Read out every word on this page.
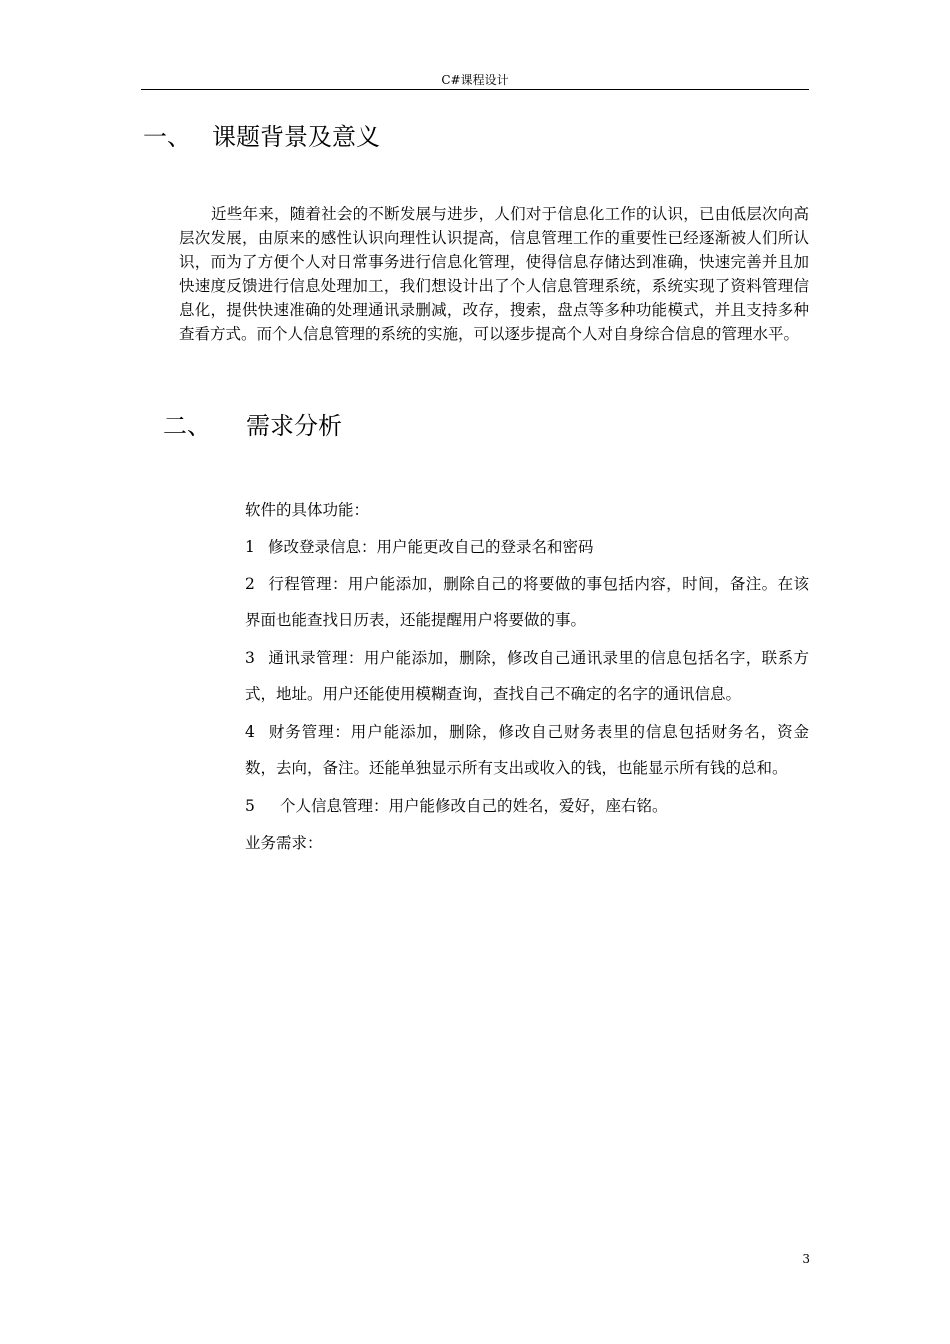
C#课程设计
一、 课题背景及意义

近些年来，随着社会的不断发展与进步，人们对于信息化工作的认识，已由低层次向高层次发展，由原来的感性认识向理性认识提高，信息管理工作的重要性已经逐渐被人们所认识，而为了方便个人对日常事务进行信息化管理，使得信息存储达到准确，快速完善并且加快速度反馈进行信息处理加工，我们想设计出了个人信息管理系统，系统实现了资料管理信息化，提供快速准确的处理通讯录删减，改存，搜索，盘点等多种功能模式，并且支持多种查看方式。而个人信息管理的系统的实施，可以逐步提高个人对自身综合信息的管理水平。

二、 需求分析

软件的具体功能：

1 修改登录信息：用户能更改自己的登录名和密码

2 行程管理：用户能添加，删除自己的将要做的事包括内容，时间，备注。在该界面也能查找日历表，还能提醒用户将要做的事。

3 通讯录管理：用户能添加，删除，修改自己通讯录里的信息包括名字，联系方式，地址。用户还能使用模糊查询，查找自己不确定的名字的通讯信息。

4 财务管理：用户能添加，删除，修改自己财务表里的信息包括财务名，资金数，去向，备注。还能单独显示所有支出或收入的钱，也能显示所有钱的总和。

5 个人信息管理：用户能修改自己的姓名，爱好，座右铭。

业务需求：

3
